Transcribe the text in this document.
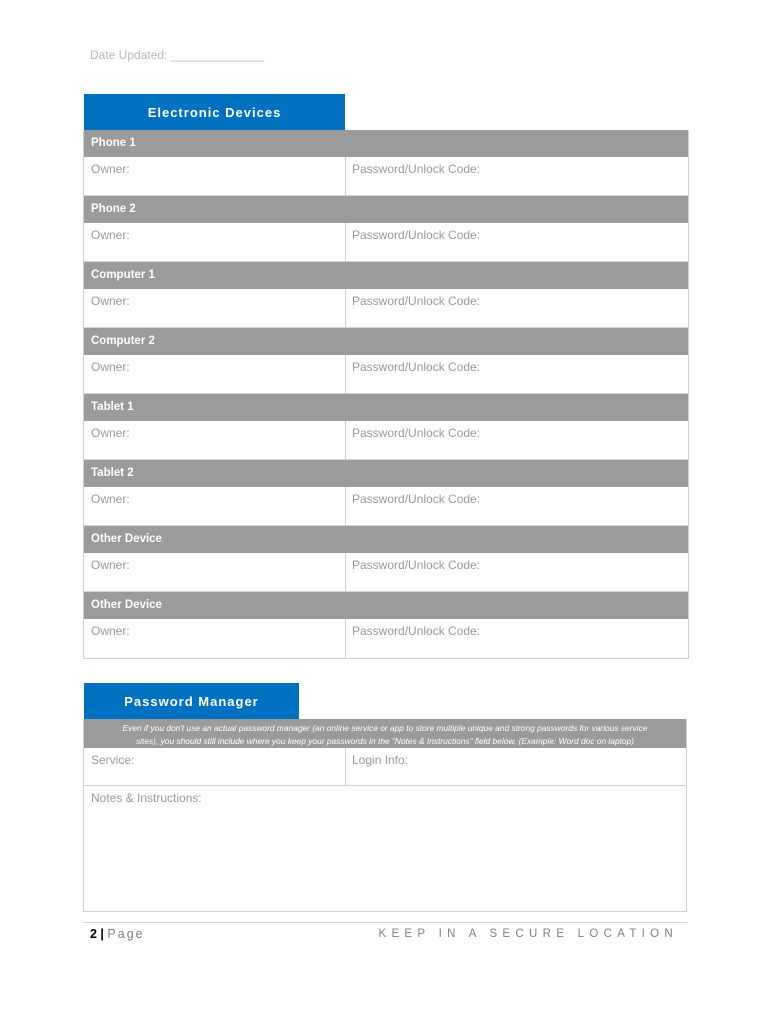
Date Updated: ______________
Electronic Devices
Phone 1
Owner:	Password/Unlock Code:
Phone 2
Owner:	Password/Unlock Code:
Computer 1
Owner:	Password/Unlock Code:
Computer 2
Owner:	Password/Unlock Code:
Tablet 1
Owner:	Password/Unlock Code:
Tablet 2
Owner:	Password/Unlock Code:
Other Device
Owner:	Password/Unlock Code:
Other Device
Owner:	Password/Unlock Code:
Password Manager
Even if you don't use an actual password manager (an online service or app to store multiple unique and strong passwords for various service
sites), you should still include where you keep your passwords in the “Notes & Instructions” field below. (Example: Word doc on laptop)
Service:	Login Info:
Notes & Instructions:
2 | Page	KEEP IN A SECURE LOCATION
